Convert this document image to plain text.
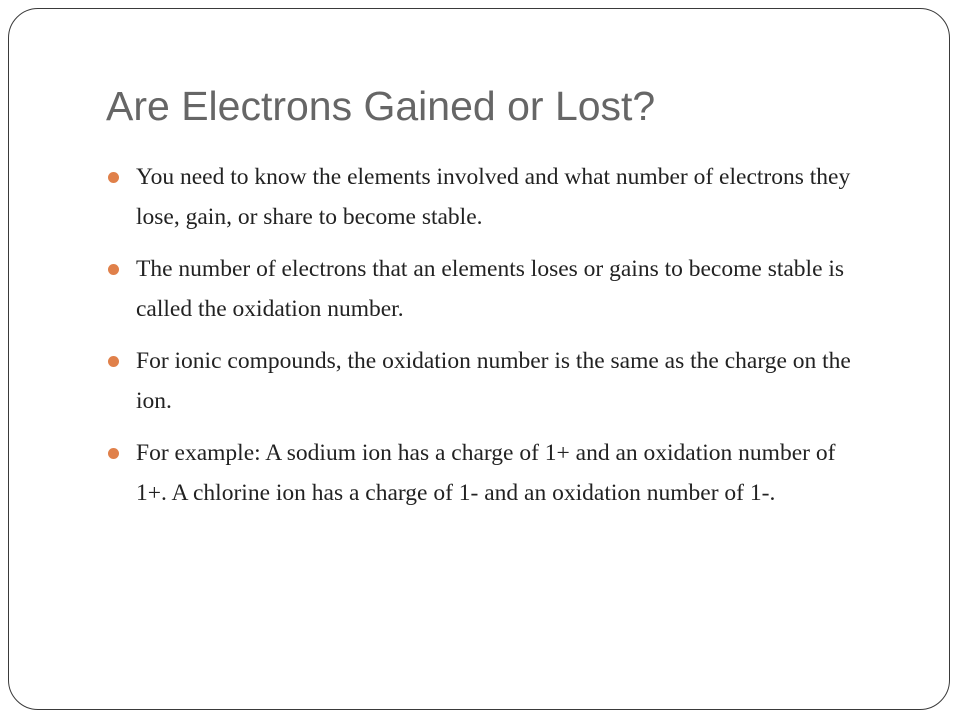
Are Electrons Gained or Lost?
You need to know the elements involved and what number of electrons they lose, gain, or share to become stable.
The number of electrons that an elements loses or gains to become stable is called the oxidation number.
For ionic compounds, the oxidation number is the same as the charge on the ion.
For example: A sodium ion has a charge of 1+ and an oxidation number of 1+. A chlorine ion has a charge of 1- and an oxidation number of 1-.
